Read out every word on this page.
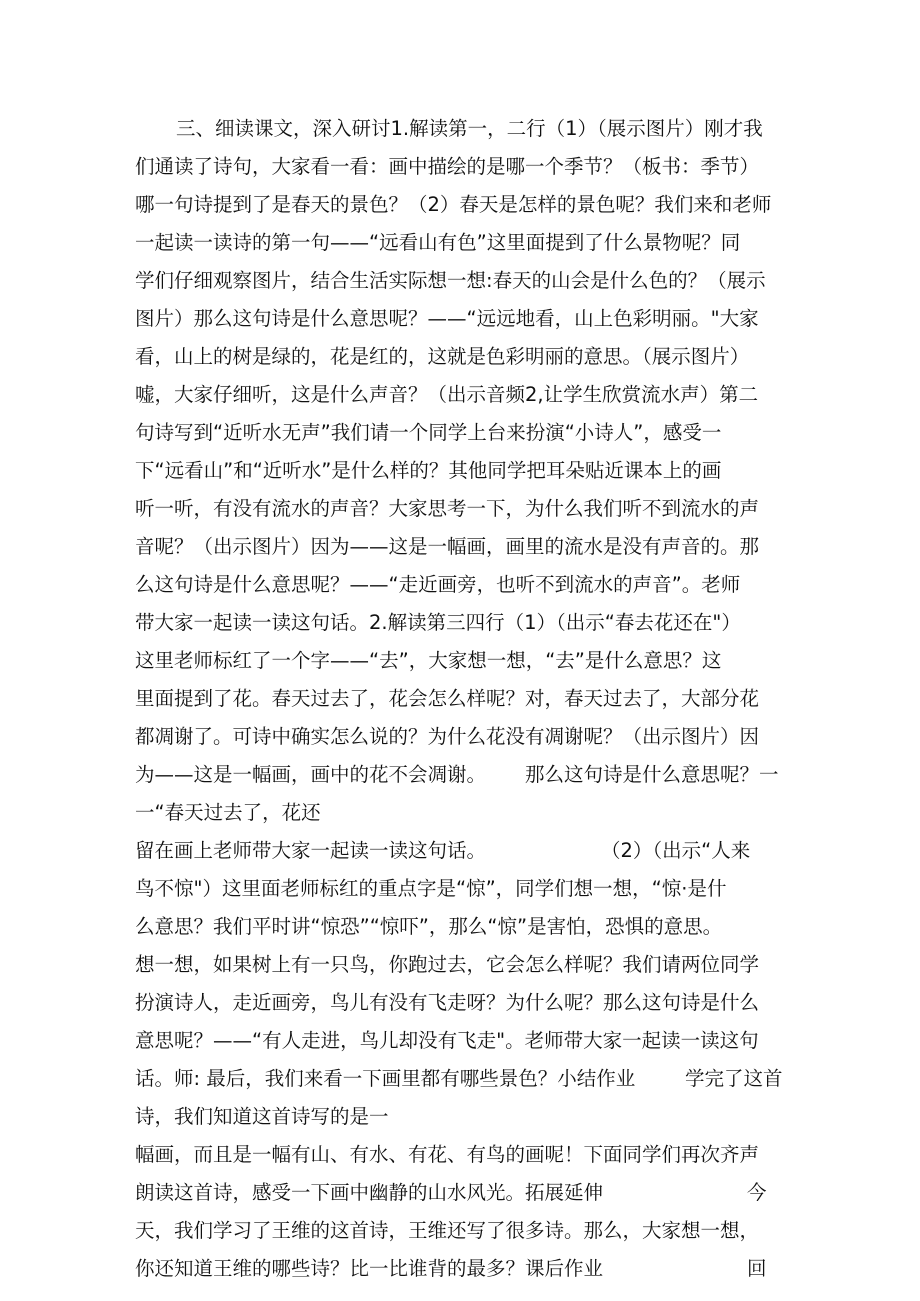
三、细读课文，深入研讨1.解读第一，二行（1）（展示图片）刚才我
们通读了诗句，大家看一看：画中描绘的是哪一个季节？（板书：季节）
哪一句诗提到了是春天的景色？（2）春天是怎样的景色呢？我们来和老师
一起读一读诗的第一句——“远看山有色”这里面提到了什么景物呢？同
学们仔细观察图片，结合生活实际想一想:春天的山会是什么色的？（展示
图片）那么这句诗是什么意思呢？——“远远地看，山上色彩明丽。"大家
看，山上的树是绿的，花是红的，这就是色彩明丽的意思。（展示图片）
嘘，大家仔细听，这是什么声音？（出示音频2,让学生欣赏流水声）第二
句诗写到“近听水无声”我们请一个同学上台来扮演“小诗人”，感受一
下“远看山”和“近听水”是什么样的？其他同学把耳朵贴近课本上的画
听一听，有没有流水的声音？大家思考一下，为什么我们听不到流水的声
音呢？（出示图片）因为——这是一幅画，画里的流水是没有声音的。那
么这句诗是什么意思呢？——“走近画旁，也听不到流水的声音”。老师
带大家一起读一读这句话。2.解读第三四行（1）（出示“春去花还在"）
这里老师标红了一个字——“去”，大家想一想，“去”是什么意思？这
里面提到了花。春天过去了，花会怎么样呢？对，春天过去了，大部分花
都凋谢了。可诗中确实怎么说的？为什么花没有凋谢呢？（出示图片）因
为——这是一幅画，画中的花不会凋谢。 那么这句诗是什么意思呢？一
一“春天过去了，花还
留在画上老师带大家一起读一读这句话。	（2）（出示“人来
鸟不惊"）这里面老师标红的重点字是“惊”，同学们想一想，“惊·是什
么意思？我们平时讲“惊恐”“惊吓”，那么“惊”是害怕，恐惧的意思。
想一想，如果树上有一只鸟，你跑过去，它会怎么样呢？我们请两位同学
扮演诗人，走近画旁，鸟儿有没有飞走呀？为什么呢？那么这句诗是什么
意思呢？——“有人走进，鸟儿却没有飞走"。老师带大家一起读一读这句
话。师: 最后，我们来看一下画里都有哪些景色？小结作业	学完了这首
诗，我们知道这首诗写的是一
幅画，而且是一幅有山、有水、有花、有鸟的画呢！下面同学们再次齐声
朗读这首诗，感受一下画中幽静的山水风光。拓展延伸	今
天，我们学习了王维的这首诗，王维还写了很多诗。那么，大家想一想，
你还知道王维的哪些诗？比一比谁背的最多？课后作业	回
